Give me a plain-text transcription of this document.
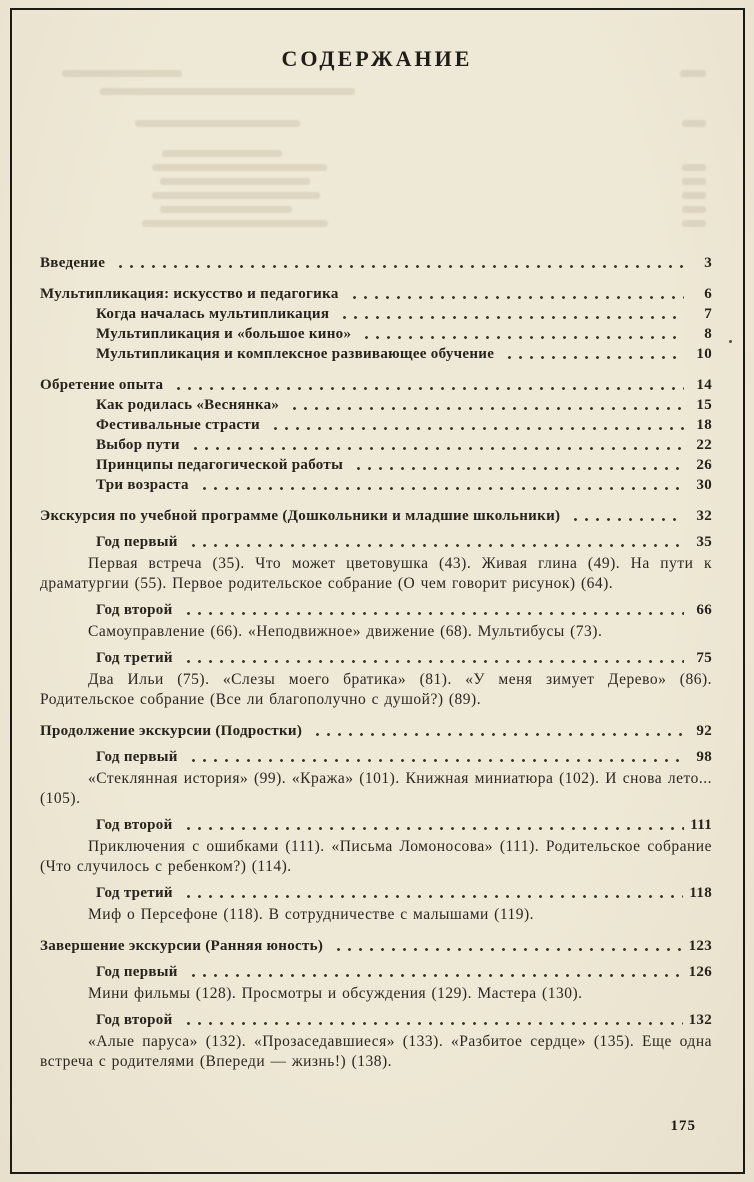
СОДЕРЖАНИЕ
Введение	3
Мультипликация: искусство и педагогика	6
Когда началась мультипликация	7
Мультипликация и «большое кино»	8
Мультипликация и комплексное развивающее обучение	10
Обретение опыта	14
Как родилась «Веснянка»	15
Фестивальные страсти	18
Выбор пути	22
Принципы педагогической работы	26
Три возраста	30
Экскурсия по учебной программе (Дошкольники и младшие школьники)	32
Год первый	35

Первая встреча (35). Что может цветовушка (43). Живая глина (49). На пути к драматургии (55). Первое родительское собрание (О чем говорит рисунок) (64).

Год второй	66

Самоуправление (66). «Неподвижное» движение (68). Мультибусы (73).

Год третий	75

Два Ильи (75). «Слезы моего братика» (81). «У меня зимует Дерево» (86). Родительское собрание (Все ли благополучно с душой?) (89).

Продолжение экскурсии (Подростки)	92
Год первый	98

«Стеклянная история» (99). «Кража» (101). Книжная миниатюра (102). И снова лето... (105).

Год второй	111

Приключения с ошибками (111). «Письма Ломоносова» (111). Родительское собрание (Что случилось с ребенком?) (114).

Год третий	118

Миф о Персефоне (118). В сотрудничестве с малышами (119).

Завершение экскурсии (Ранняя юность)	123
Год первый	126

Мини фильмы (128). Просмотры и обсуждения (129). Мастера (130).

Год второй	132

«Алые паруса» (132). «Прозаседавшиеся» (133). «Разбитое сердце» (135). Еще одна встреча с родителями (Впереди — жизнь!) (138).

175
